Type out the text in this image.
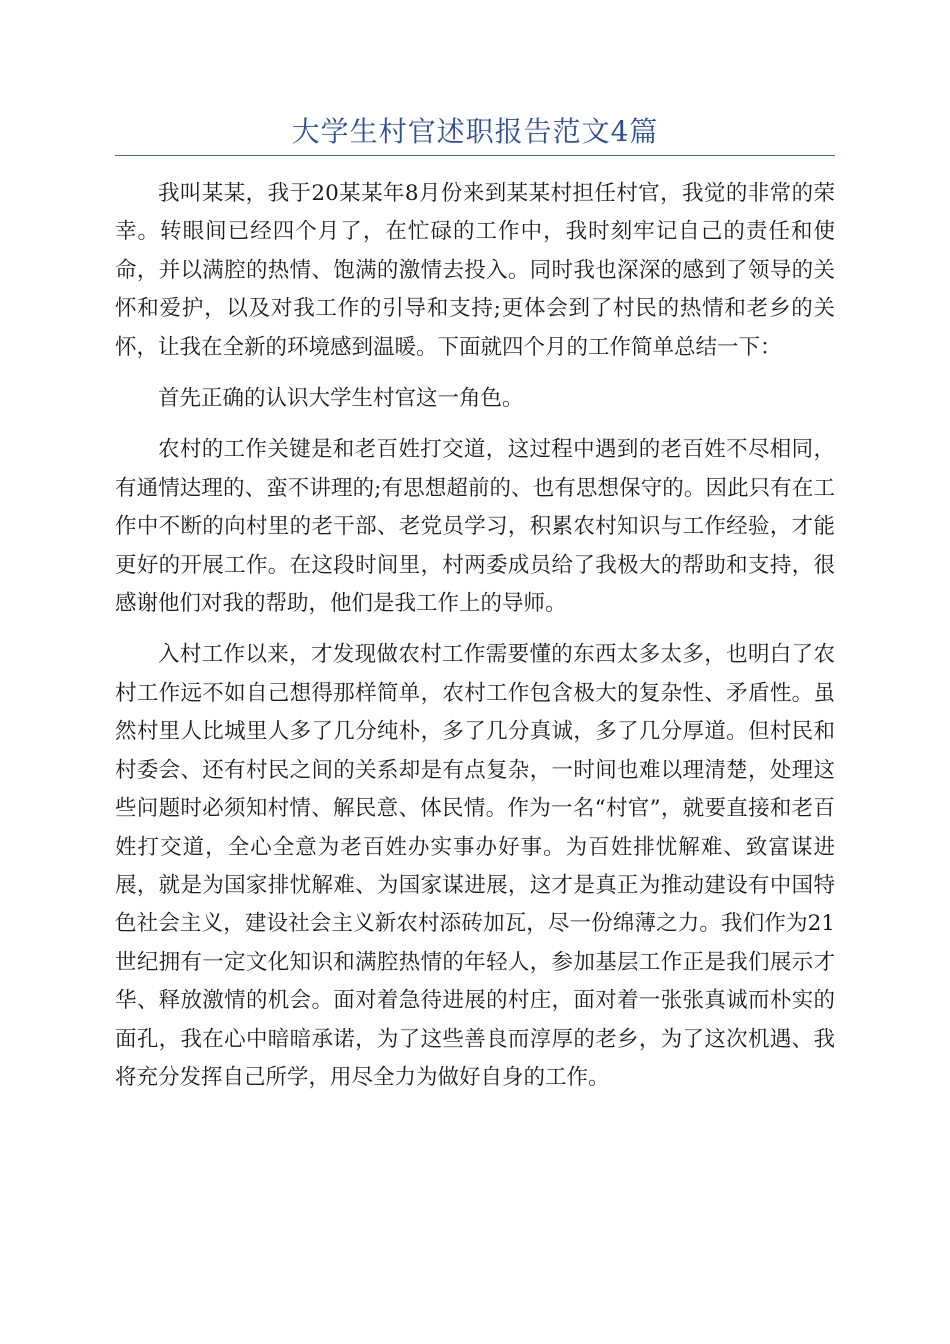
大学生村官述职报告范文4篇

我叫某某，我于20某某年8月份来到某某村担任村官，我觉的非常的荣幸。转眼间已经四个月了，在忙碌的工作中，我时刻牢记自己的责任和使命，并以满腔的热情、饱满的激情去投入。同时我也深深的感到了领导的关怀和爱护，以及对我工作的引导和支持;更体会到了村民的热情和老乡的关怀，让我在全新的环境感到温暖。下面就四个月的工作简单总结一下：

首先正确的认识大学生村官这一角色。

农村的工作关键是和老百姓打交道，这过程中遇到的老百姓不尽相同，有通情达理的、蛮不讲理的;有思想超前的、也有思想保守的。因此只有在工作中不断的向村里的老干部、老党员学习，积累农村知识与工作经验，才能更好的开展工作。在这段时间里，村两委成员给了我极大的帮助和支持，很感谢他们对我的帮助，他们是我工作上的导师。

入村工作以来，才发现做农村工作需要懂的东西太多太多，也明白了农村工作远不如自己想得那样简单，农村工作包含极大的复杂性、矛盾性。虽然村里人比城里人多了几分纯朴，多了几分真诚，多了几分厚道。但村民和村委会、还有村民之间的关系却是有点复杂，一时间也难以理清楚，处理这些问题时必须知村情、解民意、体民情。作为一名“村官”，就要直接和老百姓打交道，全心全意为老百姓办实事办好事。为百姓排忧解难、致富谋进展，就是为国家排忧解难、为国家谋进展，这才是真正为推动建设有中国特色社会主义，建设社会主义新农村添砖加瓦，尽一份绵薄之力。我们作为21世纪拥有一定文化知识和满腔热情的年轻人，参加基层工作正是我们展示才华、释放激情的机会。面对着急待进展的村庄，面对着一张张真诚而朴实的面孔，我在心中暗暗承诺，为了这些善良而淳厚的老乡，为了这次机遇、我将充分发挥自己所学，用尽全力为做好自身的工作。
